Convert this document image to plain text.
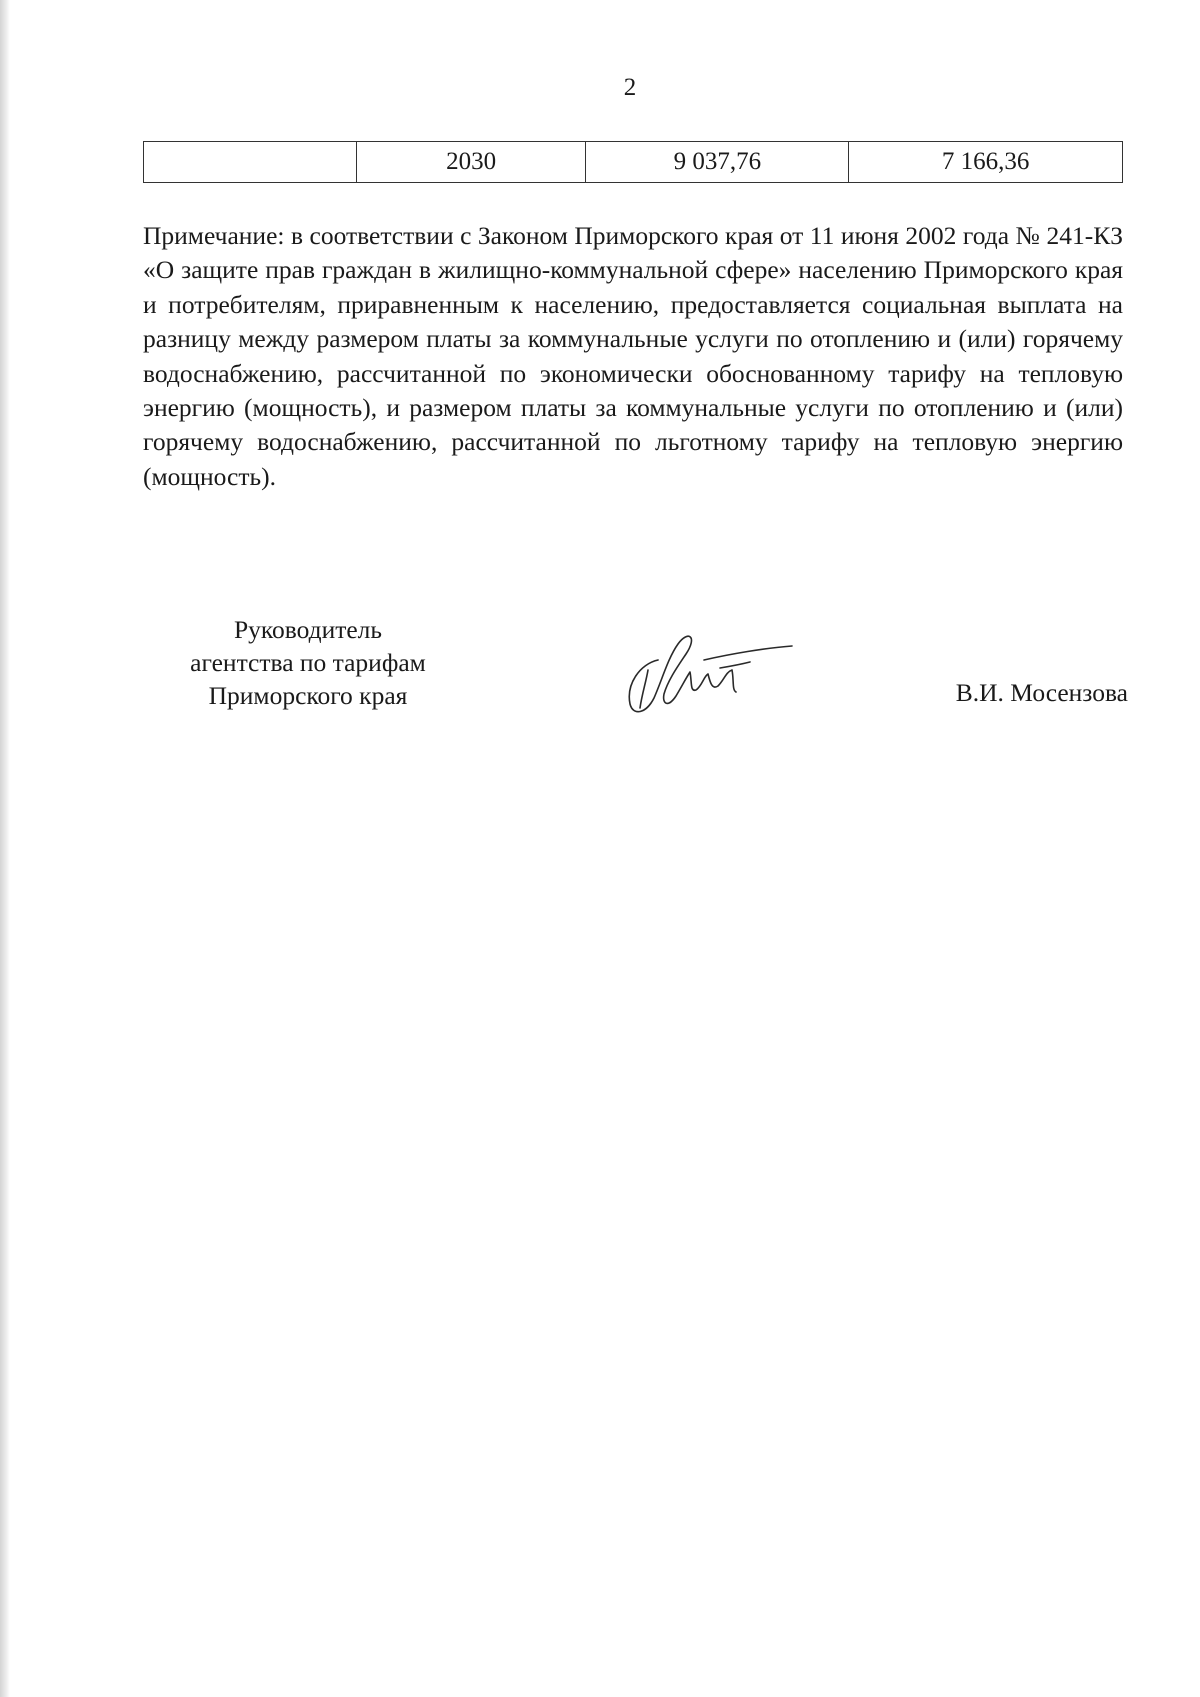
2
	2030	9 037,76	7 166,36

Примечание: в соответствии с Законом Приморского края от 11 июня 2002 года № 241-КЗ «О защите прав граждан в жилищно-коммунальной сфере» населению Приморского края и потребителям, приравненным к населению, предоставляется социальная выплата на разницу между размером платы за коммунальные услуги по отоплению и (или) горячему водоснабжению, рассчитанной по экономически обоснованному тарифу на тепловую энергию (мощность), и размером платы за коммунальные услуги по отоплению и (или) горячему водоснабжению, рассчитанной по льготному тарифу на тепловую энергию (мощность).

Руководитель
агентства по тарифам
Приморского края	В.И. Мосензова
